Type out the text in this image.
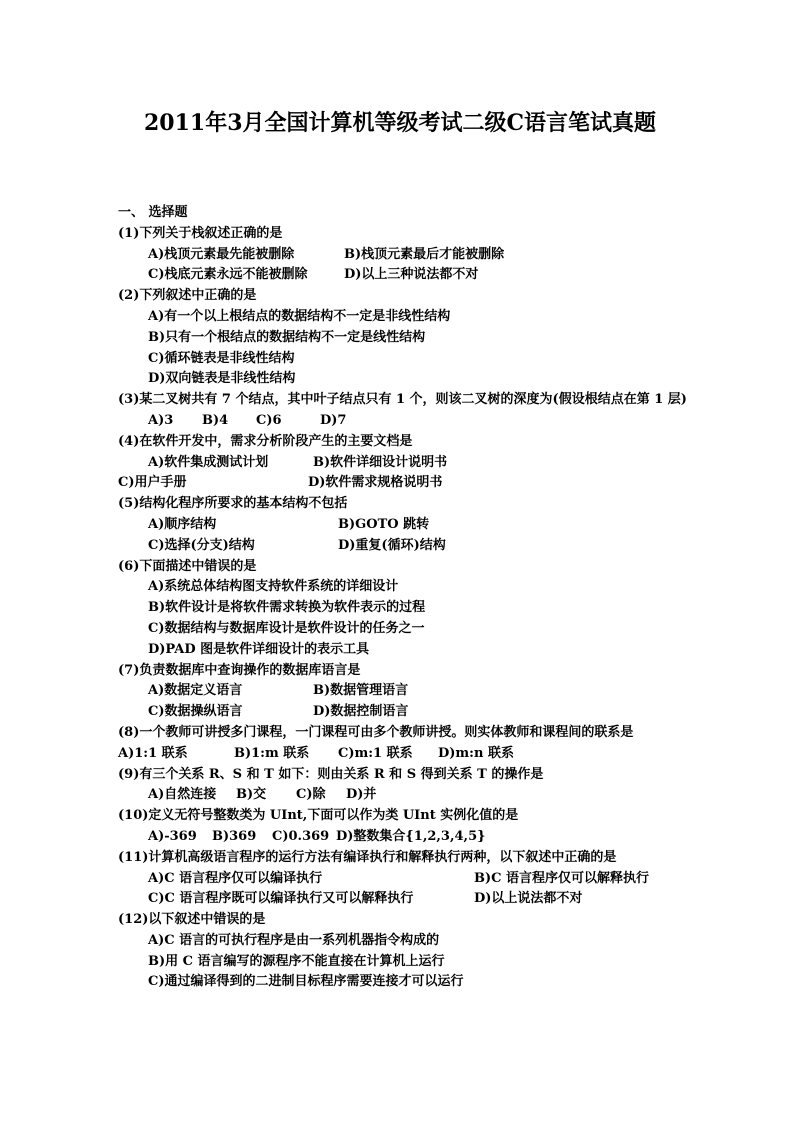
2011年3月全国计算机等级考试二级C语言笔试真题
一、 选择题
(1)下列关于栈叙述正确的是
A)栈顶元素最先能被删除	B)栈顶元素最后才能被删除
C)栈底元素永远不能被删除	D)以上三种说法都不对
(2)下列叙述中正确的是
A)有一个以上根结点的数据结构不一定是非线性结构
B)只有一个根结点的数据结构不一定是线性结构
C)循环链表是非线性结构
D)双向链表是非线性结构
(3)某二叉树共有 7 个结点，其中叶子结点只有 1 个，则该二叉树的深度为(假设根结点在第 1 层)
A)3 B)4 C)6	D)7
(4)在软件开发中，需求分析阶段产生的主要文档是
A)软件集成测试计划	B)软件详细设计说明书
C)用户手册	D)软件需求规格说明书
(5)结构化程序所要求的基本结构不包括
A)顺序结构	B)GOTO 跳转
C)选择(分支)结构	D)重复(循环)结构
(6)下面描述中错误的是
A)系统总体结构图支持软件系统的详细设计
B)软件设计是将软件需求转换为软件表示的过程
C)数据结构与数据库设计是软件设计的任务之一
D)PAD 图是软件详细设计的表示工具
(7)负责数据库中查询操作的数据库语言是
A)数据定义语言	B)数据管理语言
C)数据操纵语言	D)数据控制语言
(8)一个教师可讲授多门课程，一门课程可由多个教师讲授。则实体教师和课程间的联系是
A)1:1 联系	B)1:m 联系 C)m:1 联系 D)m:n 联系
(9)有三个关系 R、S 和 T 如下：则由关系 R 和 S 得到关系 T 的操作是
A)自然连接 B)交 C)除 D)并
(10)定义无符号整数类为 UInt,下面可以作为类 UInt 实例化值的是
A)-369 B)369 C)0.369 D)整数集合{1,2,3,4,5}
(11)计算机高级语言程序的运行方法有编译执行和解释执行两种，以下叙述中正确的是
A)C 语言程序仅可以编译执行	B)C 语言程序仅可以解释执行
C)C 语言程序既可以编译执行又可以解释执行	D)以上说法都不对
(12)以下叙述中错误的是
A)C 语言的可执行程序是由一系列机器指令构成的
B)用 C 语言编写的源程序不能直接在计算机上运行
C)通过编译得到的二进制目标程序需要连接才可以运行
